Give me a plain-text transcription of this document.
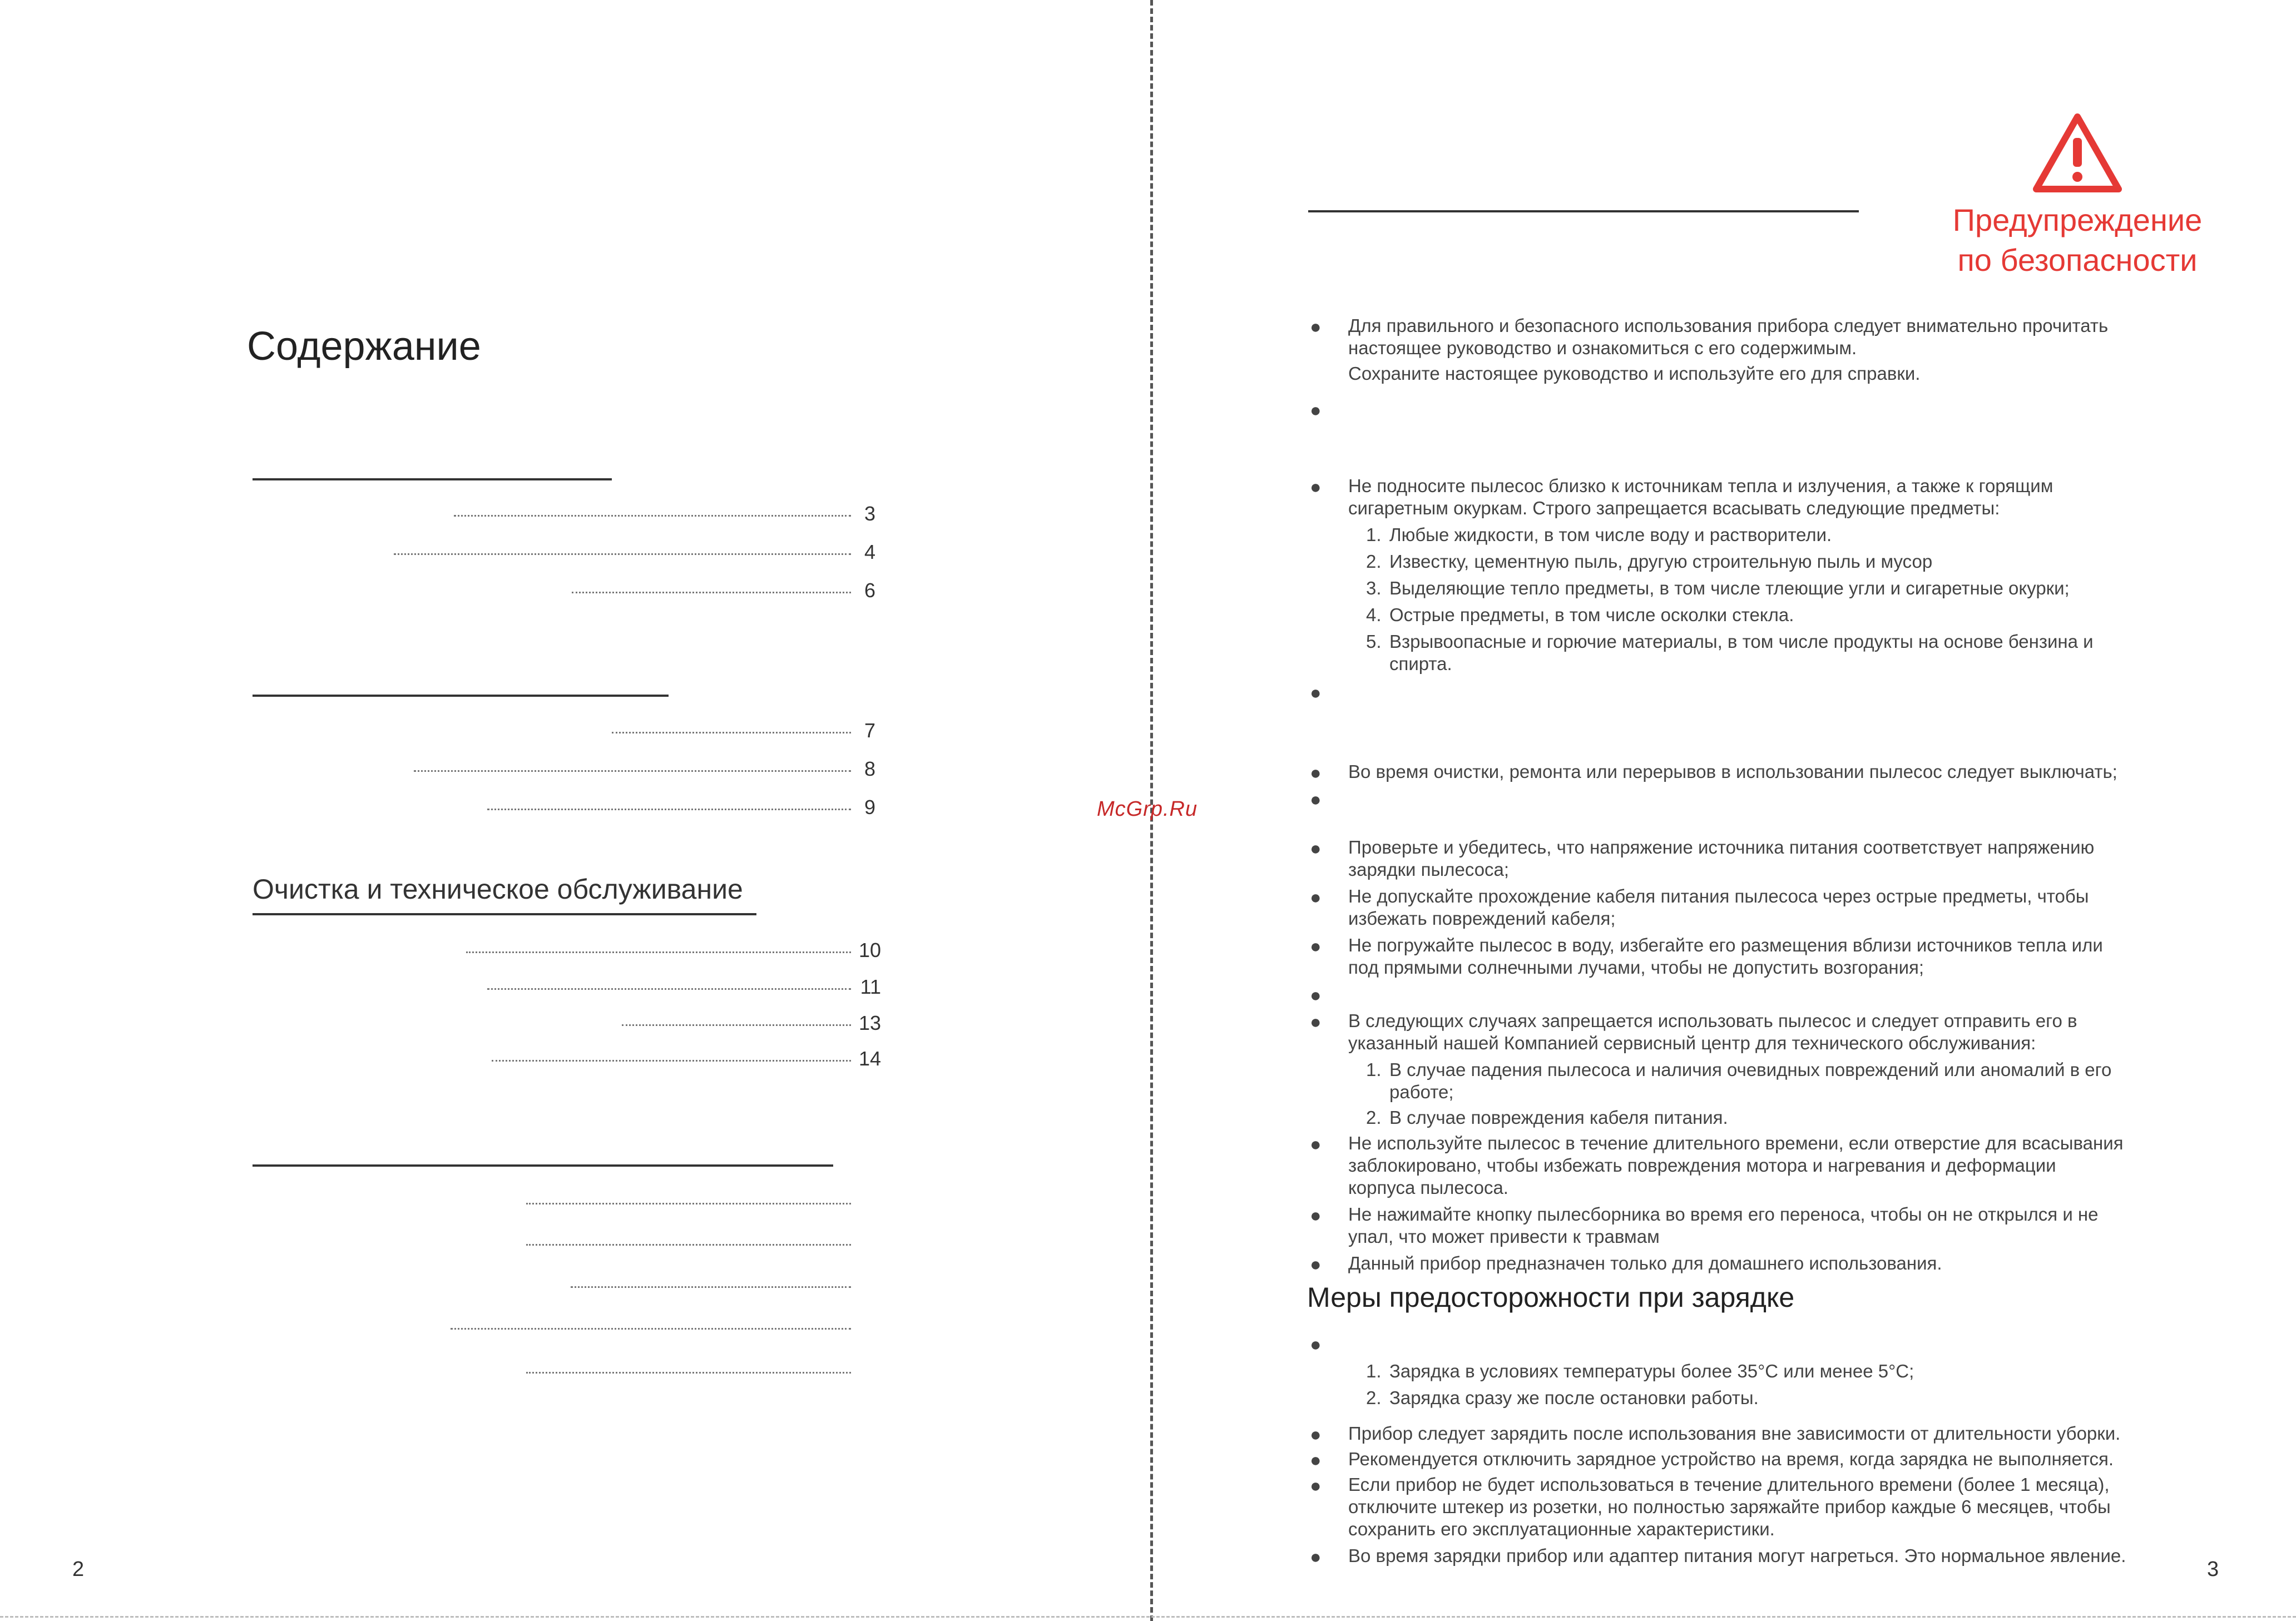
Содержание
3
4
6
7
8
9
Очистка и техническое обслуживание
10
11
13
14
2
McGrp.Ru
Предупреждение
по безопасности
●
●
●
●
●
●
●
●
●
●
●
●
●
●
●
●
●
●
●
Для правильного и безопасного использования прибора следует внимательно прочитать
настоящее руководство и ознакомиться с его содержимым.
Сохраните настоящее руководство и используйте его для справки.
Не подносите пылесос близко к источникам тепла и излучения, а также к горящим
сигаретным окуркам. Строго запрещается всасывать следующие предметы:
1. Любые жидкости, в том числе воду и растворители.
2. Известку, цементную пыль, другую строительную пыль и мусор
3. Выделяющие тепло предметы, в том числе тлеющие угли и сигаретные окурки;
4. Острые предметы, в том числе осколки стекла.
5. Взрывоопасные и горючие материалы, в том числе продукты на основе бензина и
спирта.
Во время очистки, ремонта или перерывов в использовании пылесос следует выключать;
Проверьте и убедитесь, что напряжение источника питания соответствует напряжению
зарядки пылесоса;
Не допускайте прохождение кабеля питания пылесоса через острые предметы, чтобы
избежать повреждений кабеля;
Не погружайте пылесос в воду, избегайте его размещения вблизи источников тепла или
под прямыми солнечными лучами, чтобы не допустить возгорания;
В следующих случаях запрещается использовать пылесос и следует отправить его в
указанный нашей Компанией сервисный центр для технического обслуживания:
1. В случае падения пылесоса и наличия очевидных повреждений или аномалий в его
работе;
2. В случае повреждения кабеля питания.
Не используйте пылесос в течение длительного времени, если отверстие для всасывания
заблокировано, чтобы избежать повреждения мотора и нагревания и деформации
корпуса пылесоса.
Не нажимайте кнопку пылесборника во время его переноса, чтобы он не открылся и не
упал, что может привести к травмам
Данный прибор предназначен только для домашнего использования.
Меры предосторожности при зарядке
1. Зарядка в условиях температуры более 35°C или менее 5°C;
2. Зарядка сразу же после остановки работы.
Прибор следует зарядить после использования вне зависимости от длительности уборки.
Рекомендуется отключить зарядное устройство на время, когда зарядка не выполняется.
Если прибор не будет использоваться в течение длительного времени (более 1 месяца),
отключите штекер из розетки, но полностью заряжайте прибор каждые 6 месяцев, чтобы
сохранить его эксплуатационные характеристики.
Во время зарядки прибор или адаптер питания могут нагреться. Это нормальное явление.
3
